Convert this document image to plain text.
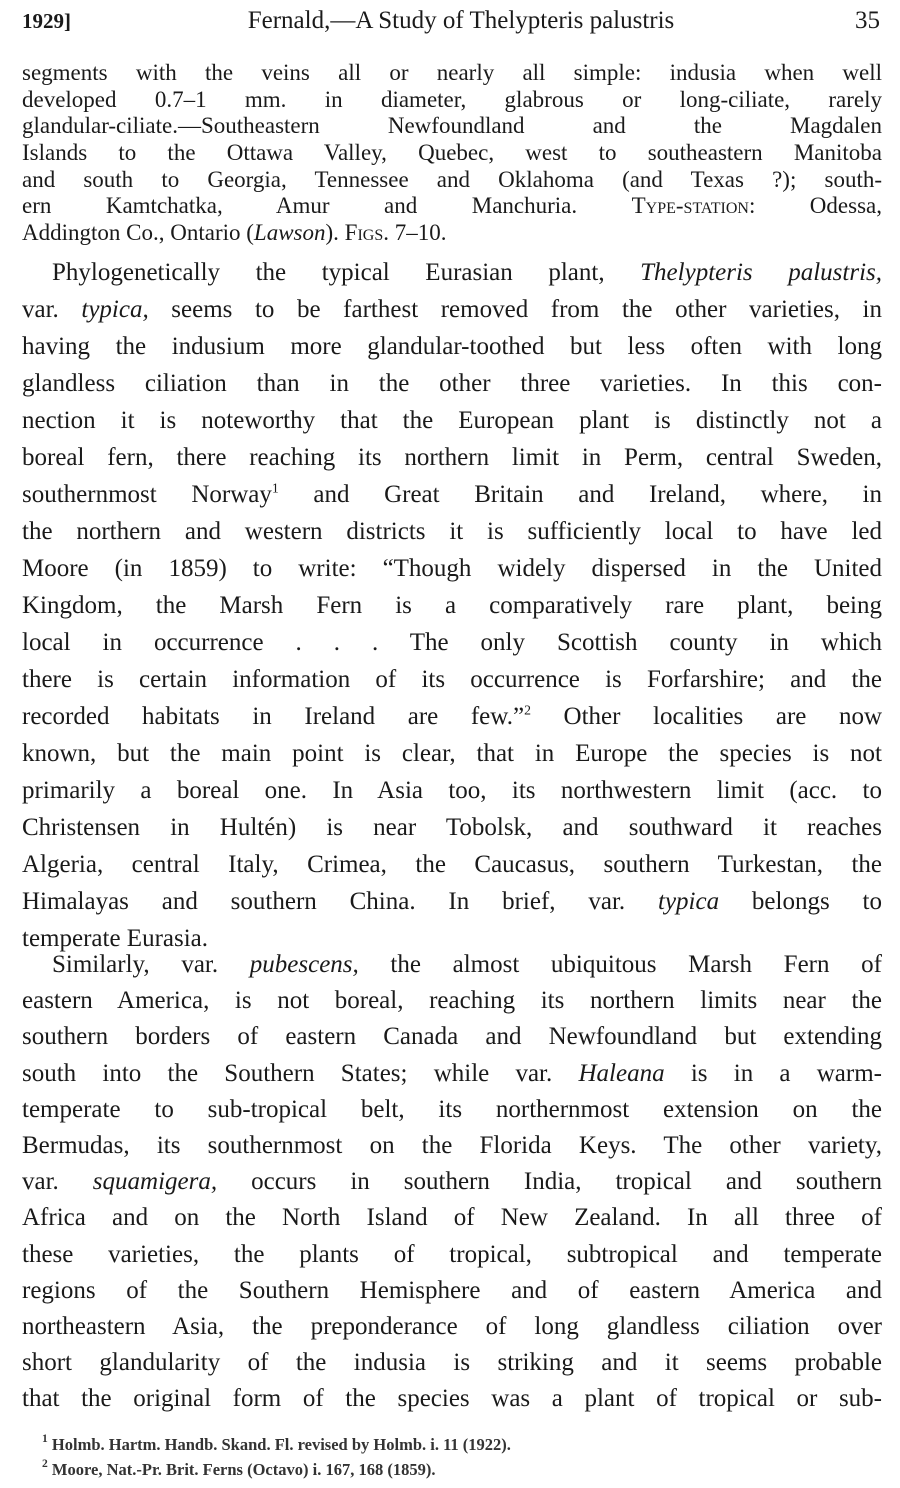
1929]	Fernald,—A Study of Thelypteris palustris	35
segments with the veins all or nearly all simple: indusia when well
developed 0.7–1 mm. in diameter, glabrous or long-ciliate, rarely
glandular-ciliate.—Southeastern Newfoundland and the Magdalen
Islands to the Ottawa Valley, Quebec, west to southeastern Manitoba
and south to Georgia, Tennessee and Oklahoma (and Texas ?); south-
ern Kamtchatka, Amur and Manchuria. Type-station: Odessa,
Addington Co., Ontario (Lawson). Figs. 7–10.
Phylogenetically the typical Eurasian plant, Thelypteris palustris,
var. typica, seems to be farthest removed from the other varieties, in
having the indusium more glandular-toothed but less often with long
glandless ciliation than in the other three varieties. In this con-
nection it is noteworthy that the European plant is distinctly not a
boreal fern, there reaching its northern limit in Perm, central Sweden,
southernmost Norway$^1$ and Great Britain and Ireland, where, in
the northern and western districts it is sufficiently local to have led
Moore (in 1859) to write: “Though widely dispersed in the United
Kingdom, the Marsh Fern is a comparatively rare plant, being
local in occurrence . . . The only Scottish county in which
there is certain information of its occurrence is Forfarshire; and the
recorded habitats in Ireland are few.”$^2$ Other localities are now
known, but the main point is clear, that in Europe the species is not
primarily a boreal one. In Asia too, its northwestern limit (acc. to
Christensen in Hultén) is near Tobolsk, and southward it reaches
Algeria, central Italy, Crimea, the Caucasus, southern Turkestan, the
Himalayas and southern China. In brief, var. typica belongs to
temperate Eurasia.
Similarly, var. pubescens, the almost ubiquitous Marsh Fern of
eastern America, is not boreal, reaching its northern limits near the
southern borders of eastern Canada and Newfoundland but extending
south into the Southern States; while var. Haleana is in a warm-
temperate to sub-tropical belt, its northernmost extension on the
Bermudas, its southernmost on the Florida Keys. The other variety,
var. squamigera, occurs in southern India, tropical and southern
Africa and on the North Island of New Zealand. In all three of
these varieties, the plants of tropical, subtropical and temperate
regions of the Southern Hemisphere and of eastern America and
northeastern Asia, the preponderance of long glandless ciliation over
short glandularity of the indusia is striking and it seems probable
that the original form of the species was a plant of tropical or sub-
$^1$ Holmb. Hartm. Handb. Skand. Fl. revised by Holmb. i. 11 (1922).
$^2$ Moore, Nat.-Pr. Brit. Ferns (Octavo) i. 167, 168 (1859).
